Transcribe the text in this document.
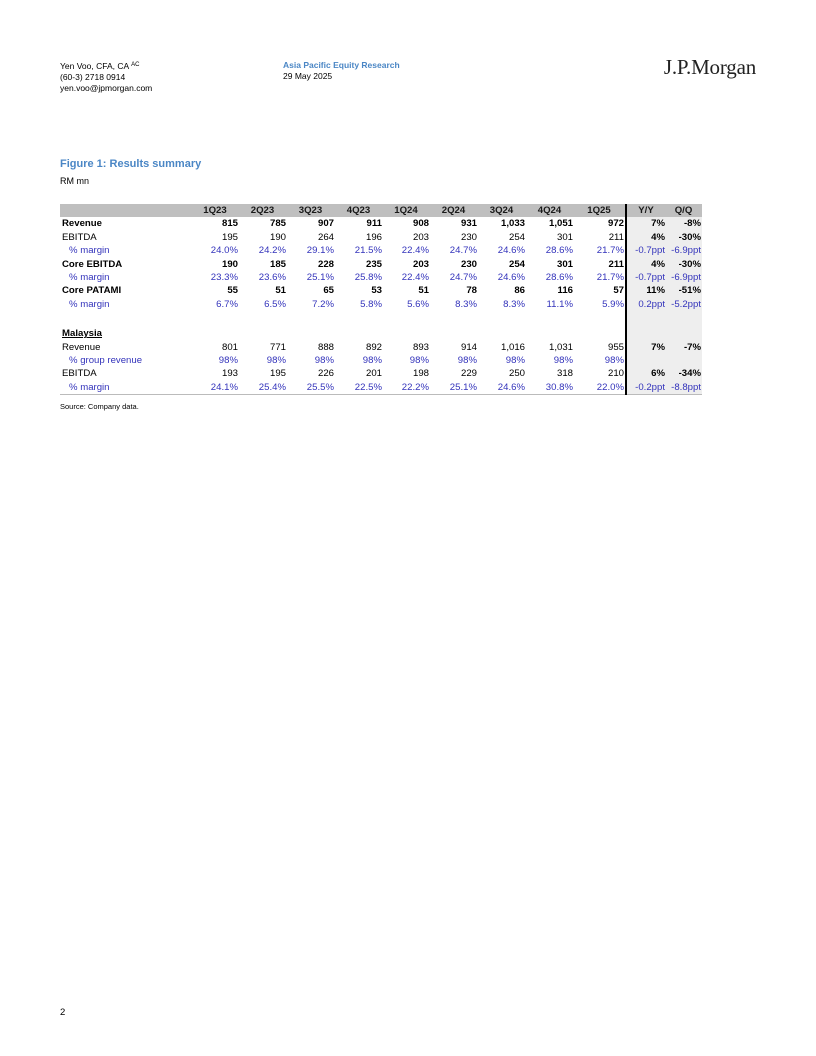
Yen Voo, CFA, CA $^{AC}$
(60-3) 2718 0914
yen.voo@jpmorgan.com
Asia Pacific Equity Research
29 May 2025	J.P.Morgan
Figure 1: Results summary
RM mn
	1Q23	2Q23	3Q23	4Q23	1Q24	2Q24	3Q24	4Q24	1Q25	Y/Y	Q/Q
Revenue	815	785	907	911	908	931	1,033	1,051	972	7%	-8%
EBITDA	195	190	264	196	203	230	254	301	211	4%	-30%
% margin	24.0%	24.2%	29.1%	21.5%	22.4%	24.7%	24.6%	28.6%	21.7%	-0.7ppt	-6.9ppt
Core EBITDA	190	185	228	235	203	230	254	301	211	4%	-30%
% margin	23.3%	23.6%	25.1%	25.8%	22.4%	24.7%	24.6%	28.6%	21.7%	-0.7ppt	-6.9ppt
Core PATAMI	55	51	65	53	51	78	86	116	57	11%	-51%
% margin	6.7%	6.5%	7.2%	5.8%	5.6%	8.3%	8.3%	11.1%	5.9%	0.2ppt	-5.2ppt

Malaysia											
Revenue	801	771	888	892	893	914	1,016	1,031	955	7%	-7%
% group revenue	98%	98%	98%	98%	98%	98%	98%	98%	98%		
EBITDA	193	195	226	201	198	229	250	318	210	6%	-34%
% margin	24.1%	25.4%	25.5%	22.5%	22.2%	25.1%	24.6%	30.8%	22.0%	-0.2ppt	-8.8ppt
Source: Company data.
2
